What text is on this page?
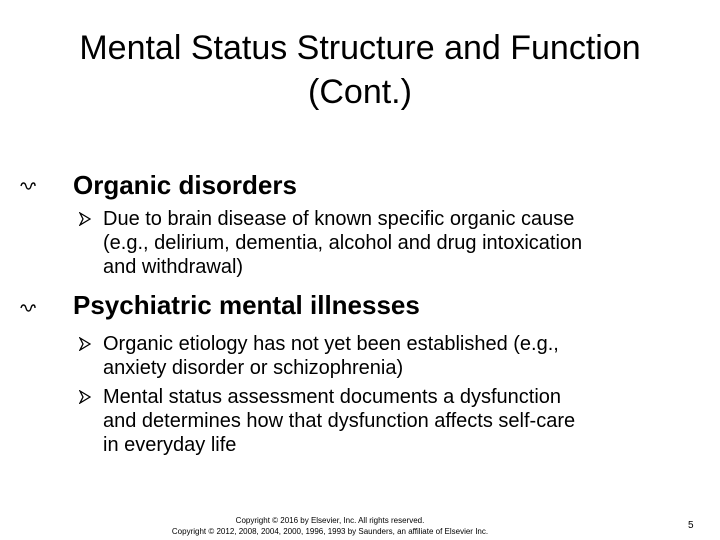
Mental Status Structure and Function
(Cont.)
Organic disorders
Due to brain disease of known specific organic cause
(e.g., delirium, dementia, alcohol and drug intoxication
and withdrawal)
Psychiatric mental illnesses
Organic etiology has not yet been established (e.g.,
anxiety disorder or schizophrenia)
Mental status assessment documents a dysfunction
and determines how that dysfunction affects self-care
in everyday life
Copyright © 2016 by Elsevier, Inc. All rights reserved.
Copyright © 2012, 2008, 2004, 2000, 1996, 1993 by Saunders, an affiliate of Elsevier Inc.
5
